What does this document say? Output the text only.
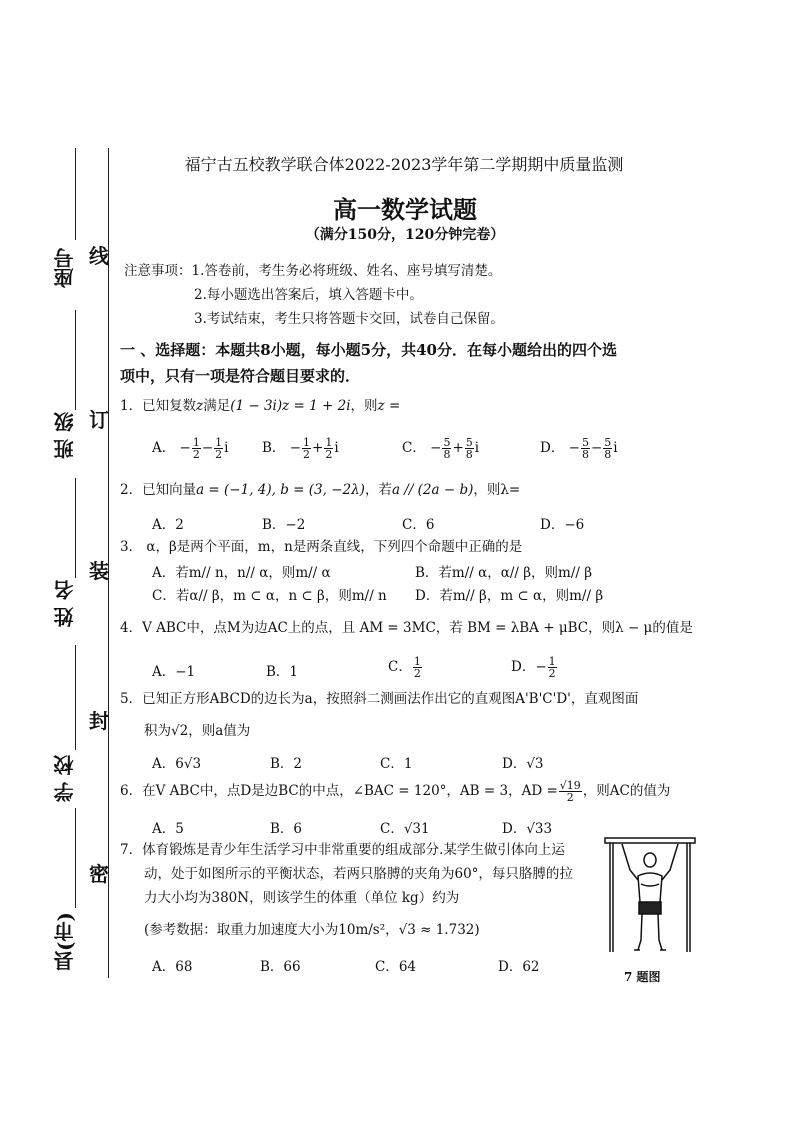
线
订
装
封
密
座号
班 级
姓 名
学 校
县(市)
福宁古五校教学联合体2022-2023学年第二学期期中质量监测
高一数学试题
（满分150分，120分钟完卷）
注意事项：1.答卷前，考生务必将班级、姓名、座号填写清楚。
2.每小题选出答案后，填入答题卡中。
3.考试结束，考生只将答题卡交回，试卷自己保留。
一 、选择题：本题共8小题，每小题5分，共40分．在每小题给出的四个选
项中，只有一项是符合题目要求的．
1．已知复数z满足(1 − 3i)z = 1 + 2i，则z =
A． − $\frac{1}{2} - \frac{1}{2}$ i B． − $\frac{1}{2} + \frac{1}{2}$ i	C． − $\frac{5}{8} + \frac{5}{8}$ i	D． − $\frac{5}{8} - \frac{5}{8}$ i
2．已知向量a = (−1, 4), b = (3, −2λ)，若a // (2a − b)，则λ=
A．2	B．−2	C．6	D．−6
3． α，β是两个平面，m，n是两条直线，下列四个命题中正确的是
A．若m// n，n// α，则m// α	B．若m// α，α// β，则m// β
C．若α// β，m ⊂ α，n ⊂ β，则m// n D．若m// β，m ⊂ α，则m// β
4．V ABC中，点M为边AC上的点，且 AM = 3MC，若 BM = λBA + μBC，则λ − μ的值是
A．−1	B．1	C． $\frac{1}{2}$	D．− $\frac{1}{2}$
5．已知正方形ABCD的边长为a，按照斜二测画法作出它的直观图A'B'C'D'，直观图面
积为√2，则a值为
A．6√3	B．2	C．1	D．√3
6．在V ABC中，点D是边BC的中点，∠BAC = 120°，AB = 3，AD = $\frac{√19}{2}$ ，则AC的值为
A．5	B．6	C．√31	D．√33
7．体育锻炼是青少年生活学习中非常重要的组成部分.某学生做引体向上运
动，处于如图所示的平衡状态，若两只胳膊的夹角为60°，每只胳膊的拉
力大小均为380N，则该学生的体重（单位 kg）约为
(参考数据：取重力加速度大小为10m/s²，√3 ≈ 1.732)
A．68	B．66	C．64	D．62
7 题图
